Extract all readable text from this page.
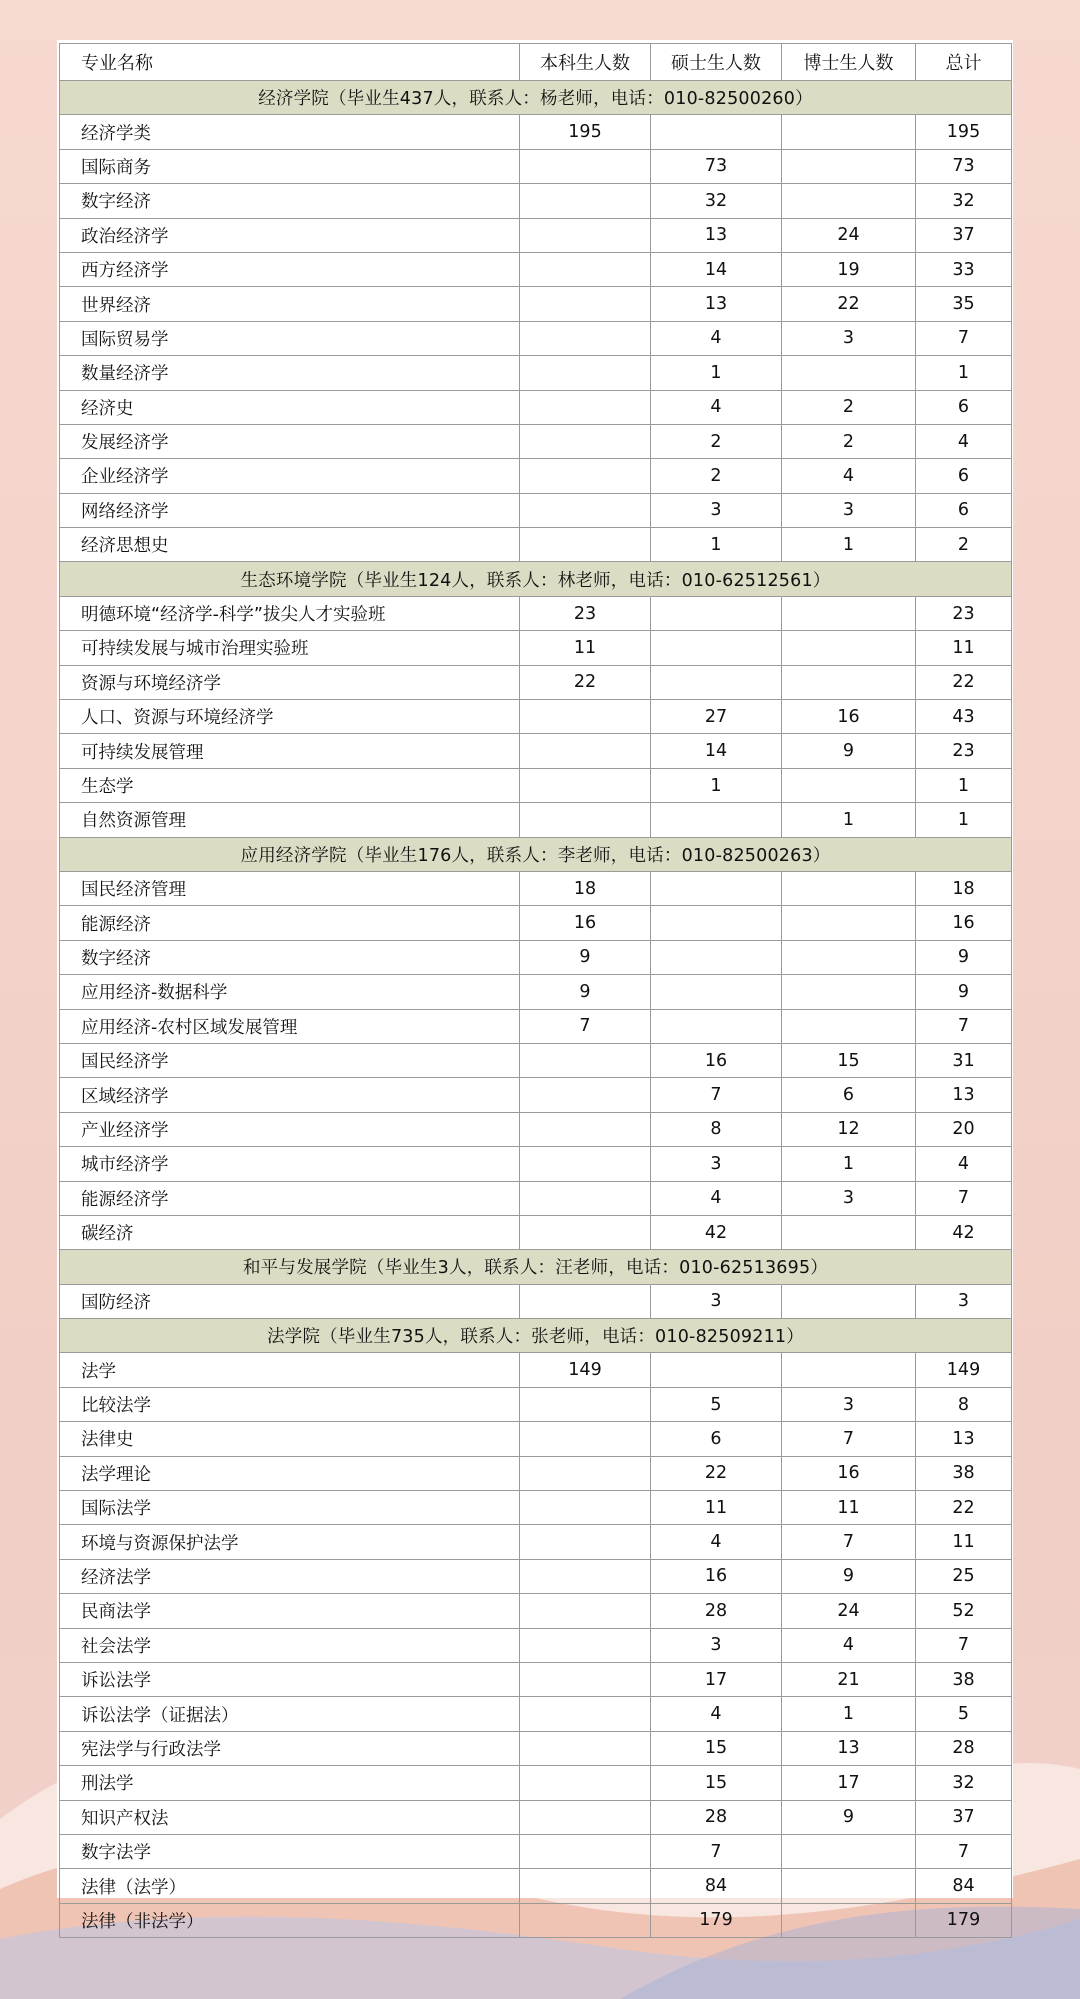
专业名称	本科生人数	硕士生人数	博士生人数	总计
经济学院（毕业生437人，联系人：杨老师，电话：010-82500260）				
经济学类	195			195
国际商务		73		73
数字经济		32		32
政治经济学		13	24	37
西方经济学		14	19	33
世界经济		13	22	35
国际贸易学		4	3	7
数量经济学		1		1
经济史		4	2	6
发展经济学		2	2	4
企业经济学		2	4	6
网络经济学		3	3	6
经济思想史		1	1	2
生态环境学院（毕业生124人，联系人：林老师，电话：010-62512561）				
明德环境“经济学-科学”拔尖人才实验班	23			23
可持续发展与城市治理实验班	11			11
资源与环境经济学	22			22
人口、资源与环境经济学		27	16	43
可持续发展管理		14	9	23
生态学		1		1
自然资源管理			1	1
应用经济学院（毕业生176人，联系人：李老师，电话：010-82500263）				
国民经济管理	18			18
能源经济	16			16
数字经济	9			9
应用经济-数据科学	9			9
应用经济-农村区域发展管理	7			7
国民经济学		16	15	31
区域经济学		7	6	13
产业经济学		8	12	20
城市经济学		3	1	4
能源经济学		4	3	7
碳经济		42		42
和平与发展学院（毕业生3人，联系人：汪老师，电话：010-62513695）				
国防经济		3		3
法学院（毕业生735人，联系人：张老师，电话：010-82509211）				
法学	149			149
比较法学		5	3	8
法律史		6	7	13
法学理论		22	16	38
国际法学		11	11	22
环境与资源保护法学		4	7	11
经济法学		16	9	25
民商法学		28	24	52
社会法学		3	4	7
诉讼法学		17	21	38
诉讼法学（证据法）		4	1	5
宪法学与行政法学		15	13	28
刑法学		15	17	32
知识产权法		28	9	37
数字法学		7		7
法律（法学）		84		84
法律（非法学）		179		179
